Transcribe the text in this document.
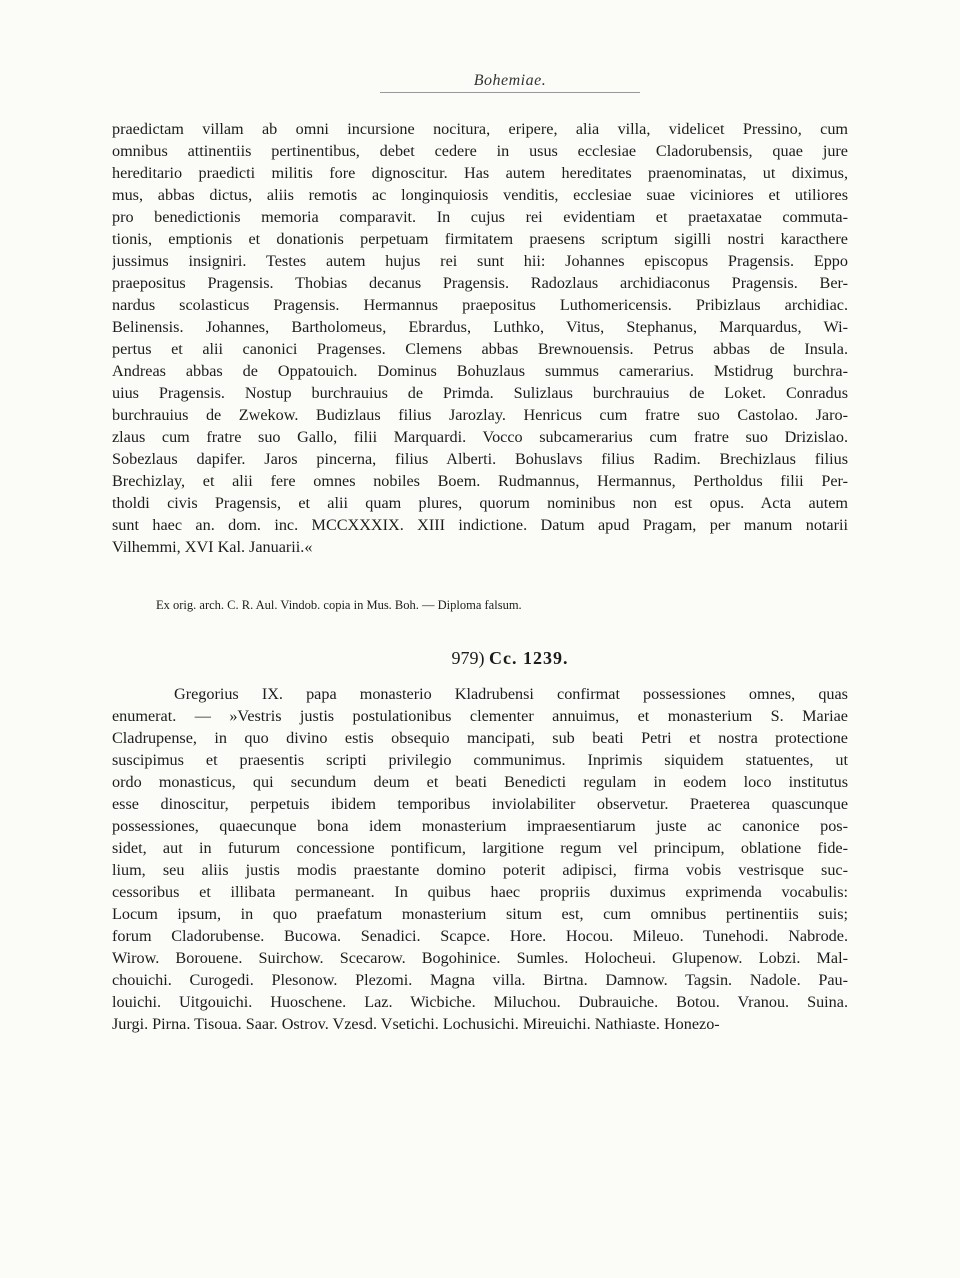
Bohemiae.
praedictam villam ab omni incursione nocitura, eripere, alia villa, videlicet Pressino, cum
omnibus attinentiis pertinentibus, debet cedere in usus ecclesiae Cladorubensis, quae jure
hereditario praedicti militis fore dignoscitur. Has autem hereditates praenominatas, ut diximus,
mus, abbas dictus, aliis remotis ac longinquiosis venditis, ecclesiae suae viciniores et utiliores
pro benedictionis memoria comparavit. In cujus rei evidentiam et praetaxatae commuta-
tionis, emptionis et donationis perpetuam firmitatem praesens scriptum sigilli nostri karacthere
jussimus insigniri. Testes autem hujus rei sunt hii: Johannes episcopus Pragensis. Eppo
praepositus Pragensis. Thobias decanus Pragensis. Radozlaus archidiaconus Pragensis. Ber-
nardus scolasticus Pragensis. Hermannus praepositus Luthomericensis. Pribizlaus archidiac.
Belinensis. Johannes, Bartholomeus, Ebrardus, Luthko, Vitus, Stephanus, Marquardus, Wi-
pertus et alii canonici Pragenses. Clemens abbas Brewnouensis. Petrus abbas de Insula.
Andreas abbas de Oppatouich. Dominus Bohuzlaus summus camerarius. Mstidrug burchra-
uius Pragensis. Nostup burchrauius de Primda. Sulizlaus burchrauius de Loket. Conradus
burchrauius de Zwekow. Budizlaus filius Jarozlay. Henricus cum fratre suo Castolao. Jaro-
zlaus cum fratre suo Gallo, filii Marquardi. Vocco subcamerarius cum fratre suo Drizislao.
Sobezlaus dapifer. Jaros pincerna, filius Alberti. Bohuslavs filius Radim. Brechizlaus filius
Brechizlay, et alii fere omnes nobiles Boem. Rudmannus, Hermannus, Pertholdus filii Per-
tholdi civis Pragensis, et alii quam plures, quorum nominibus non est opus. Acta autem
sunt haec an. dom. inc. MCCXXXIX. XIII indictione. Datum apud Pragam, per manum notarii
Vilhemmi, XVI Kal. Januarii.«
Ex orig. arch. C. R. Aul. Vindob. copia in Mus. Boh. — Diploma falsum.
979) Cc. 1239.
Gregorius IX. papa monasterio Kladrubensi confirmat possessiones omnes, quas
enumerat. — »Vestris justis postulationibus clementer annuimus, et monasterium S. Mariae
Cladrupense, in quo divino estis obsequio mancipati, sub beati Petri et nostra protectione
suscipimus et praesentis scripti privilegio communimus. Inprimis siquidem statuentes, ut
ordo monasticus, qui secundum deum et beati Benedicti regulam in eodem loco institutus
esse dinoscitur, perpetuis ibidem temporibus inviolabiliter observetur. Praeterea quascunque
possessiones, quaecunque bona idem monasterium impraesentiarum juste ac canonice pos-
sidet, aut in futurum concessione pontificum, largitione regum vel principum, oblatione fide-
lium, seu aliis justis modis praestante domino poterit adipisci, firma vobis vestrisque suc-
cessoribus et illibata permaneant. In quibus haec propriis duximus exprimenda vocabulis:
Locum ipsum, in quo praefatum monasterium situm est, cum omnibus pertinentiis suis;
forum Cladorubense. Bucowa. Senadici. Scapce. Hore. Hocou. Mileuo. Tunehodi. Nabrode.
Wirow. Borouene. Suirchow. Scecarow. Bogohinice. Sumles. Holocheui. Glupenow. Lobzi. Mal-
chouichi. Curogedi. Plesonow. Plezomi. Magna villa. Birtna. Damnow. Tagsin. Nadole. Pau-
louichi. Uitgouichi. Huoschene. Laz. Wicbiche. Miluchou. Dubrauiche. Botou. Vranou. Suina.
Jurgi. Pirna. Tisoua. Saar. Ostrov. Vzesd. Vsetichi. Lochusichi. Mireuichi. Nathiaste. Honezo-
